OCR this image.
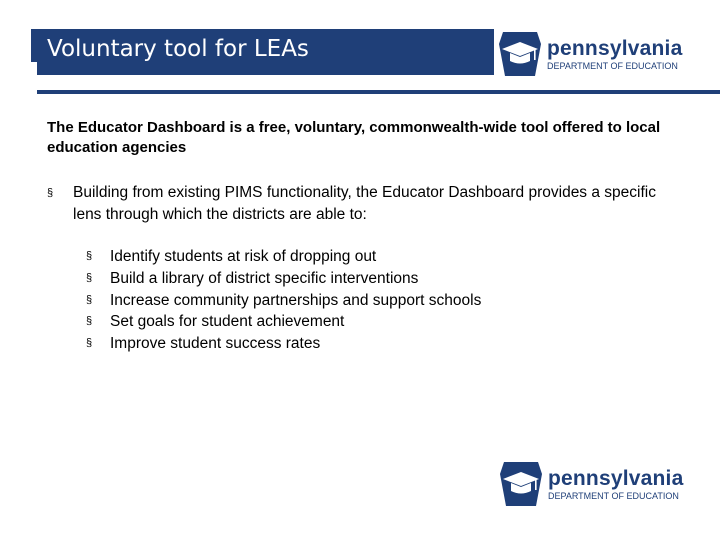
Voluntary tool for LEAs	pennsylvania
DEPARTMENT OF EDUCATION
The Educator Dashboard is a free, voluntary, commonwealth-wide tool offered to local education agencies
§ Building from existing PIMS functionality, the Educator Dashboard provides a specific lens through which the districts are able to:
§ Identify students at risk of dropping out
§ Build a library of district specific interventions
§ Increase community partnerships and support schools
§ Set goals for student achievement
§ Improve student success rates
pennsylvania
DEPARTMENT OF EDUCATION
